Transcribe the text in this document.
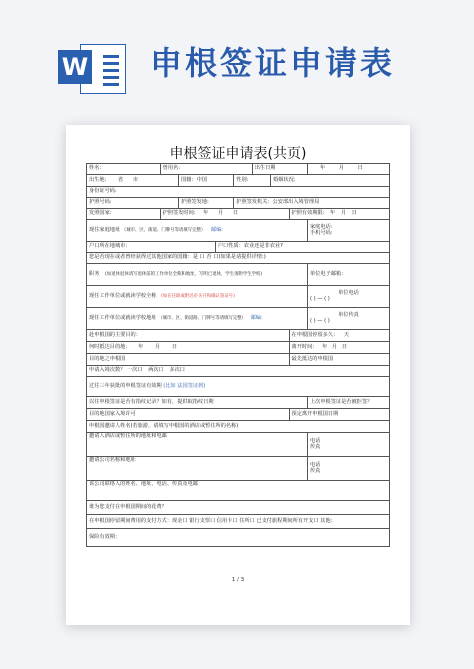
W 申根签证申请表
申根签证申请表(共页)
姓名:	曾用名:				出生日期			年 月 日
出生地: 省 市		国籍：中国		性别:		婚姻状况:		
身份证号码:								
护照号码:		护照签发地:		护照签发机关：公安部出入境管理局				
发照国家:	护照签发时间: 年 月 日						护照有效期限: 年 月 日	
现住家庭地址 （城市、区、街道、门牌号等请填写完整） 邮编:								家庭电话:
手机号码:

户口所在地城市:			户口性质：农业还是非农业?					
您是否现在或者曾经获得过其他国家的国籍：是 口 否 口(如果是请提供详情:)								
职务 (如退休退休请写退休前的工作单位全称和地址，写明已退休，学生请附学生学校)								单位电子邮箱：
现任工作单位或就读学校全称 (如在任职或附近必关开和确认签证号)								单位电话
( ) — ( )

现任工作单位或就读学校地址 （城市、区、街道路、门牌号等请填写完整） 邮编:								单位传真
( ) — ( )

赴申根国的主要目的：							在申根国停留多久： 天	
何时抵达目的地： 年 月 日							离开时间： 年 月 日	
目的地之申根国							最先抵达的申根国	
申请入境次数？ 一次口 两次口 多次口								
过往三年获批的申根签证有效期 (比如 法国签证到)								
以往申根签证是否有指纹记录？如有，提供取指纹日期								上次申根签证是否被拒签？
目的地国家入境许可							预定离开申根国日期	
申根国邀请人姓名(若旅游，请填写申根国的酒店或暂住所的名称)								
邀请人酒店或暂住所的地址和电邮								电话
传真

邀请公司名称和地址								电话
传真

该公司联络人的姓名、地址、电话、传真及电邮								
谁为您支付在申根国期间的花费？								
在申根国停留期间费用的支付方式：现金口 银行支票口 信用卡口 住所口 已支付旅程期间所有开支口 其他:								
保险有效期：								
1 / 3
